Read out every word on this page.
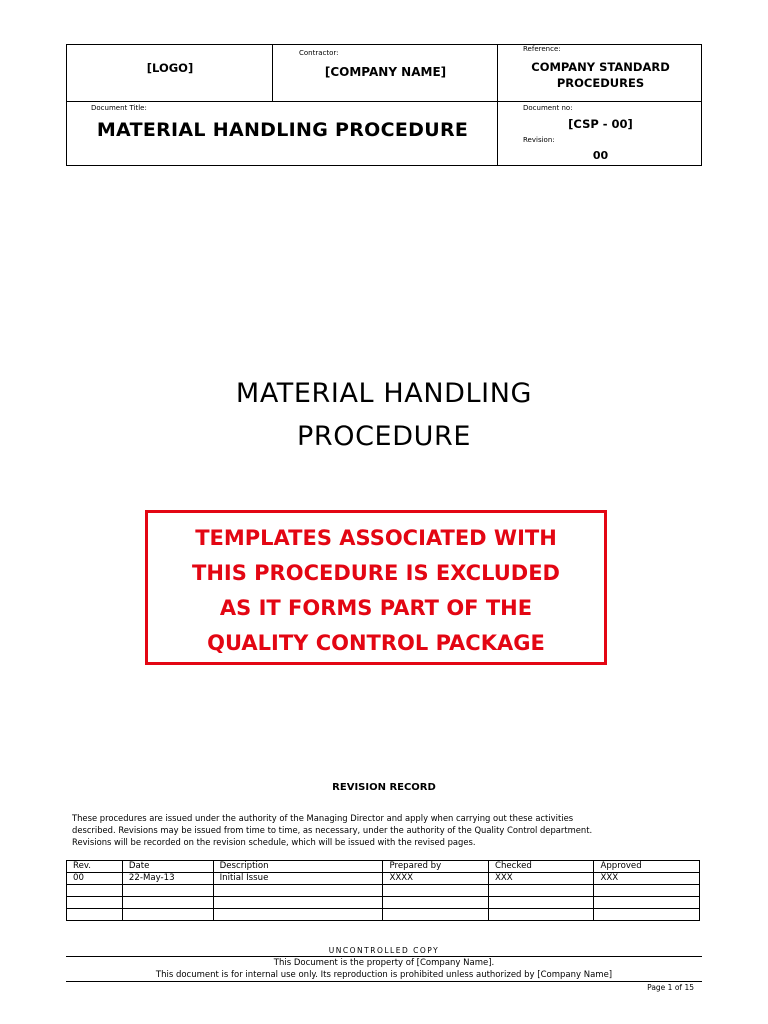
[LOGO]
Contractor:
[COMPANY NAME]
Reference:
COMPANY STANDARD
PROCEDURES
Document Title:
MATERIAL HANDLING PROCEDURE
Document no:
[CSP - 00]
Revision:
00
MATERIAL HANDLING
PROCEDURE
TEMPLATES ASSOCIATED WITH
THIS PROCEDURE IS EXCLUDED
AS IT FORMS PART OF THE
QUALITY CONTROL PACKAGE
REVISION RECORD
These procedures are issued under the authority of the Managing Director and apply when carrying out these activities
described. Revisions may be issued from time to time, as necessary, under the authority of the Quality Control department.
Revisions will be recorded on the revision schedule, which will be issued with the revised pages.
Rev.	Date	Description	Prepared by	Checked	Approved
00	22-May-13	Initial Issue	XXXX	XXX	XXX

UNCONTROLLED COPY
This Document is the property of [Company Name].
This document is for internal use only. Its reproduction is prohibited unless authorized by [Company Name]
Page 1 of 15
